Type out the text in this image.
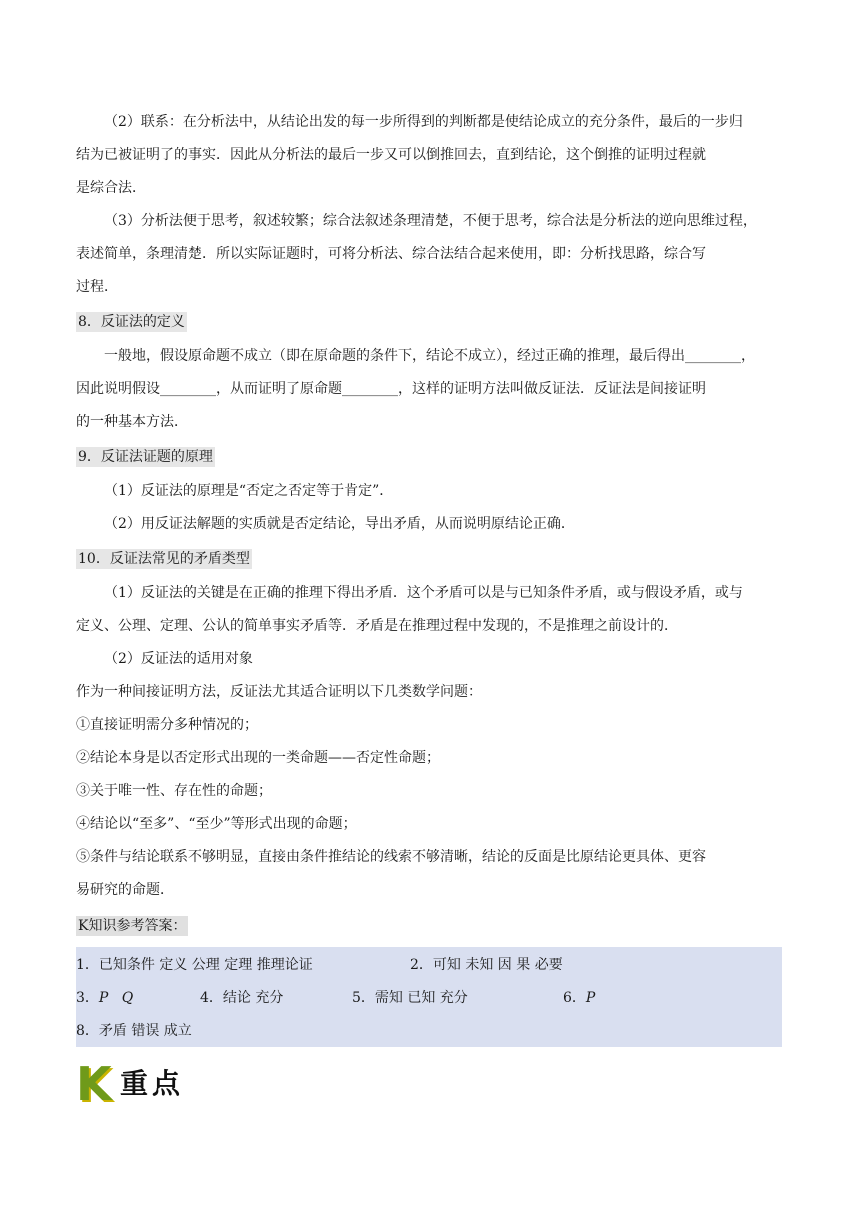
（2）联系：在分析法中，从结论出发的每一步所得到的判断都是使结论成立的充分条件，最后的一步归
结为已被证明了的事实．因此从分析法的最后一步又可以倒推回去，直到结论，这个倒推的证明过程就
是综合法．
（3）分析法便于思考，叙述较繁；综合法叙述条理清楚，不便于思考，综合法是分析法的逆向思维过程，
表述简单，条理清楚．所以实际证题时，可将分析法、综合法结合起来使用，即：分析找思路，综合写
过程．
8．反证法的定义
一般地，假设原命题不成立（即在原命题的条件下，结论不成立），经过正确的推理，最后得出________，
因此说明假设________，从而证明了原命题________，这样的证明方法叫做反证法．反证法是间接证明
的一种基本方法．
9．反证法证题的原理
（1）反证法的原理是“否定之否定等于肯定”．
（2）用反证法解题的实质就是否定结论，导出矛盾，从而说明原结论正确．
10．反证法常见的矛盾类型
（1）反证法的关键是在正确的推理下得出矛盾．这个矛盾可以是与已知条件矛盾，或与假设矛盾，或与
定义、公理、定理、公认的简单事实矛盾等．矛盾是在推理过程中发现的，不是推理之前设计的．
（2）反证法的适用对象
作为一种间接证明方法，反证法尤其适合证明以下几类数学问题：
①直接证明需分多种情况的；
②结论本身是以否定形式出现的一类命题——否定性命题；
③关于唯一性、存在性的命题；
④结论以“至多”、“至少”等形式出现的命题；
⑤条件与结论联系不够明显，直接由条件推结论的线索不够清晰，结论的反面是比原结论更具体、更容
易研究的命题．
K知识参考答案：
1．已知条件 定义 公理 定理 推理论证	2．可知 未知 因 果 必要
3．P Q	4．结论 充分	5．需知 已知 充分	6．P
8．矛盾 错误 成立
K 重点
